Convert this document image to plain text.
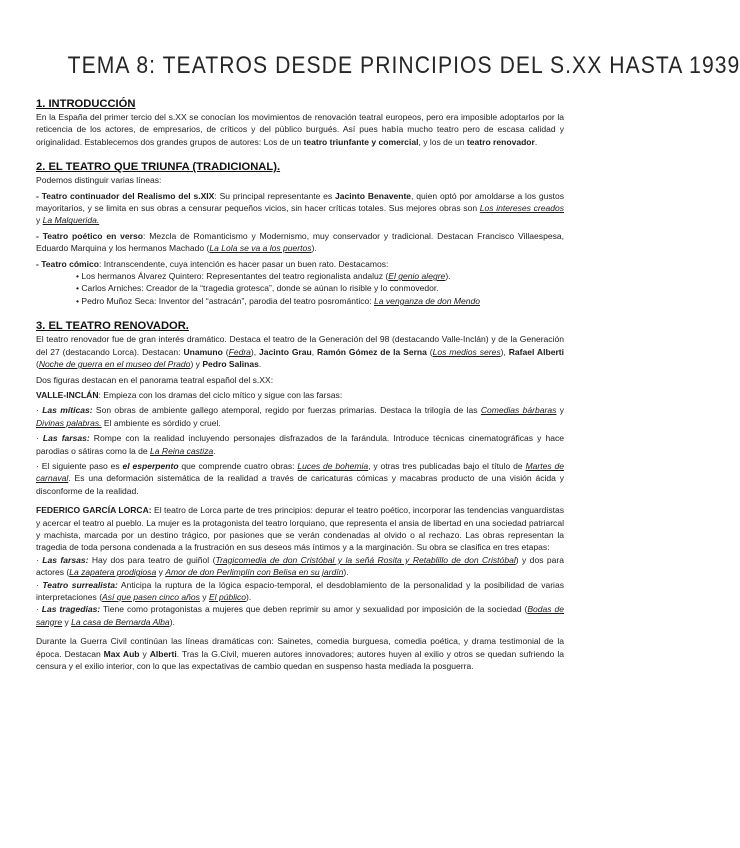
TEMA 8: TEATROS DESDE PRINCIPIOS DEL S.XX HASTA 1939
1. INTRODUCCIÓN

En la España del primer tercio del s.XX se conocían los movimientos de renovación teatral europeos, pero era imposible adoptarlos por la reticencia de los actores, de empresarios, de críticos y del público burgués. Así pues había mucho teatro pero de escasa calidad y originalidad. Establecemos dos grandes grupos de autores: Los de un teatro triunfante y comercial, y los de un teatro renovador.

2. EL TEATRO QUE TRIUNFA (TRADICIONAL).

Podemos distinguir varias líneas:

- Teatro continuador del Realismo del s.XIX: Su principal representante es Jacinto Benavente, quien optó por amoldarse a los gustos mayoritarios, y se limita en sus obras a censurar pequeños vicios, sin hacer críticas totales. Sus mejores obras son Los intereses creados y La Malquerida.

- Teatro poético en verso: Mezcla de Romanticismo y Modernismo, muy conservador y tradicional. Destacan Francisco Villaespesa, Eduardo Marquina y los hermanos Machado (La Lola se va a los puertos).

- Teatro cómico: Intranscendente, cuya intención es hacer pasar un buen rato. Destacamos:

• Los hermanos Álvarez Quintero: Representantes del teatro regionalista andaluz (El genio alegre).

• Carlos Arniches: Creador de la “tragedia grotesca”, donde se aúnan lo risible y lo conmovedor.

• Pedro Muñoz Seca: Inventor del “astracán”, parodia del teatro posromántico: La venganza de don Mendo

3. EL TEATRO RENOVADOR.

El teatro renovador fue de gran interés dramático. Destaca el teatro de la Generación del 98 (destacando Valle-Inclán) y de la Generación del 27 (destacando Lorca). Destacan: Unamuno (Fedra), Jacinto Grau, Ramón Gómez de la Serna (Los medios seres), Rafael Alberti (Noche de guerra en el museo del Prado) y Pedro Salinas.

Dos figuras destacan en el panorama teatral español del s.XX:

VALLE-INCLÁN: Empieza con los dramas del ciclo mítico y sigue con las farsas:

· Las míticas: Son obras de ambiente gallego atemporal, regido por fuerzas primarias. Destaca la trilogía de las Comedias bárbaras y Divinas palabras. El ambiente es sórdido y cruel.

· Las farsas: Rompe con la realidad incluyendo personajes disfrazados de la farándula. Introduce técnicas cinematográficas y hace parodias o sátiras como la de La Reina castiza.

· El siguiente paso es el esperpento que comprende cuatro obras: Luces de bohemia, y otras tres publicadas bajo el título de Martes de carnaval. Es una deformación sistemática de la realidad a través de caricaturas cómicas y macabras producto de una visión ácida y disconforme de la realidad.

FEDERICO GARCÍA LORCA: El teatro de Lorca parte de tres principios: depurar el teatro poético, incorporar las tendencias vanguardistas y acercar el teatro al pueblo. La mujer es la protagonista del teatro lorquiano, que representa el ansia de libertad en una sociedad patriarcal y machista, marcada por un destino trágico, por pasiones que se verán condenadas al olvido o al rechazo. Las obras representan la tragedia de toda persona condenada a la frustración en sus deseos más íntimos y a la marginación. Su obra se clasifica en tres etapas:

· Las farsas: Hay dos para teatro de guiñol (Tragicomedia de don Cristóbal y la señá Rosita y Retablillo de don Cristóbal) y dos para actores (La zapatera prodigiosa y Amor de don Perlimplín con Belisa en su jardín).

· Teatro surrealista: Anticipa la ruptura de la lógica espacio-temporal, el desdoblamiento de la personalidad y la posibilidad de varias interpretaciones (Así que pasen cinco años y El público).

· Las tragedias: Tiene como protagonistas a mujeres que deben reprimir su amor y sexualidad por imposición de la sociedad (Bodas de sangre y La casa de Bernarda Alba).

Durante la Guerra Civil continúan las líneas dramáticas con: Sainetes, comedia burguesa, comedia poética, y drama testimonial de la época. Destacan Max Aub y Alberti. Tras la G.Civil, mueren autores innovadores; autores huyen al exilio y otros se quedan sufriendo la censura y el exilio interior, con lo que las expectativas de cambio quedan en suspenso hasta mediada la posguerra.
